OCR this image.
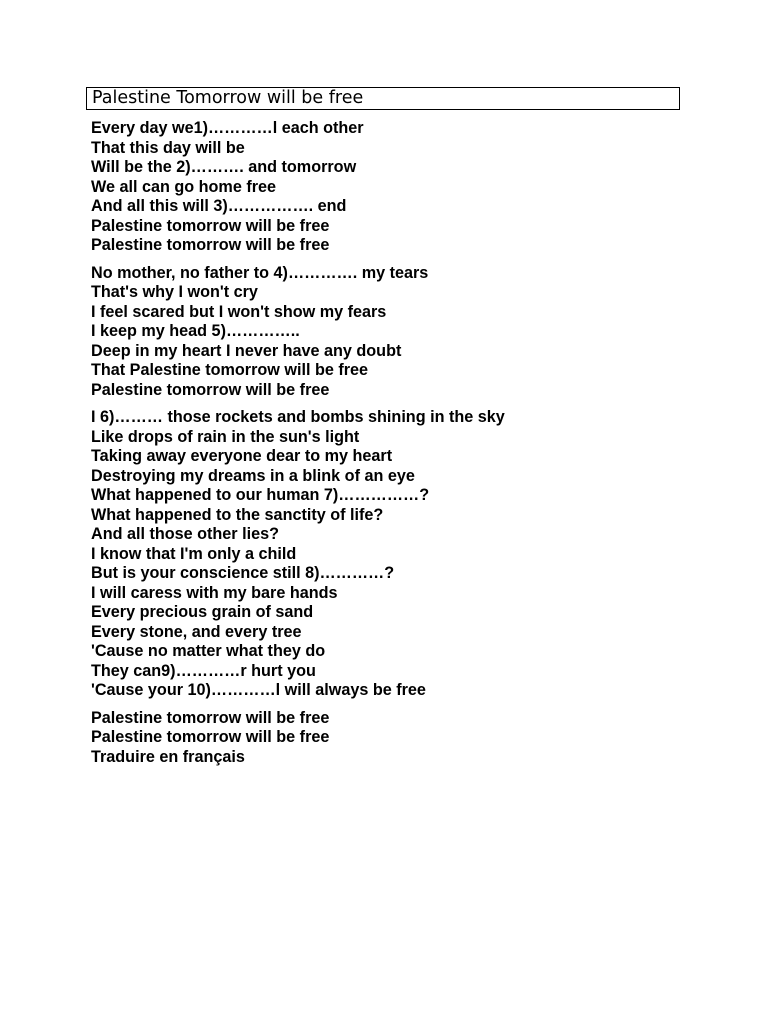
Palestine Tomorrow will be free
Every day we1)…………l each other
That this day will be
Will be the 2)………. and tomorrow
We all can go home free
And all this will 3)……………. end
Palestine tomorrow will be free
Palestine tomorrow will be free
No mother, no father to 4)…………. my tears
That's why I won't cry
I feel scared but I won't show my fears
I keep my head 5)…………..
Deep in my heart I never have any doubt
That Palestine tomorrow will be free
Palestine tomorrow will be free
I 6)……… those rockets and bombs shining in the sky
Like drops of rain in the sun's light
Taking away everyone dear to my heart
Destroying my dreams in a blink of an eye
What happened to our human 7)……………?
What happened to the sanctity of life?
And all those other lies?
I know that I'm only a child
But is your conscience still 8)…………?
I will caress with my bare hands
Every precious grain of sand
Every stone, and every tree
'Cause no matter what they do
They can9)…………r hurt you
'Cause your 10)…………l will always be free
Palestine tomorrow will be free
Palestine tomorrow will be free
Traduire en français
